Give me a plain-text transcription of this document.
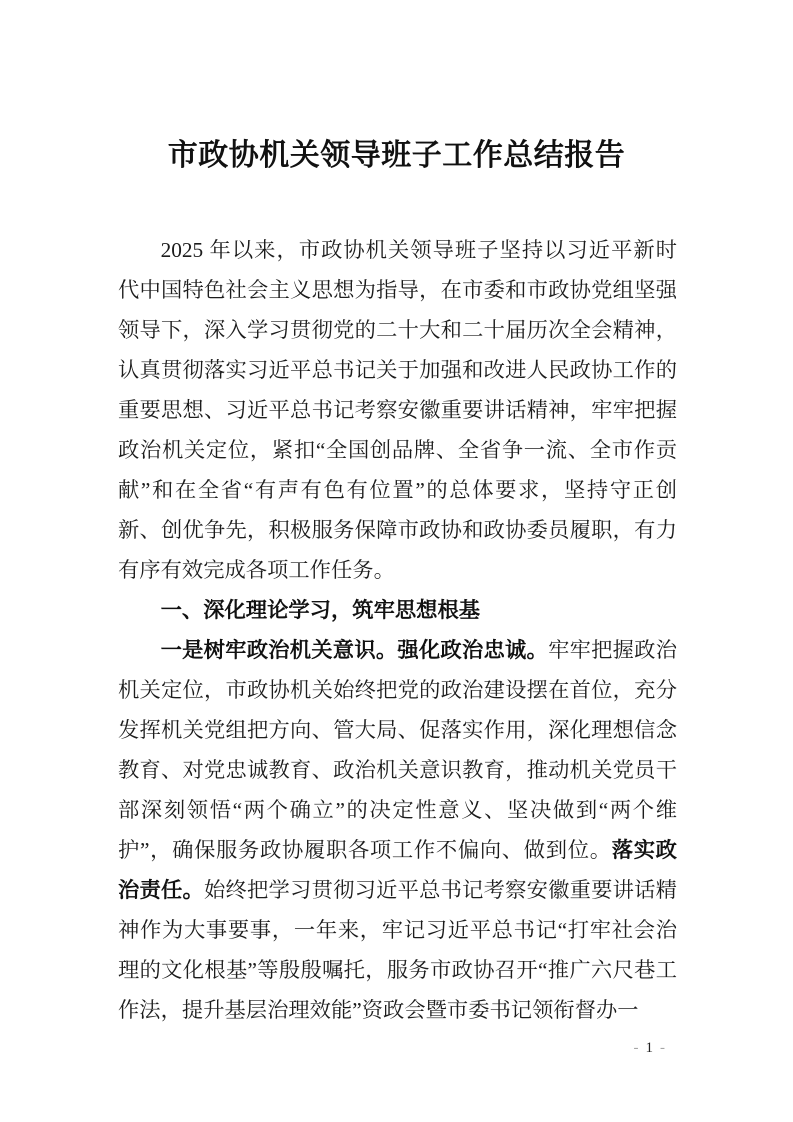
市政协机关领导班子工作总结报告

2025 年以来，市政协机关领导班子坚持以习近平新时代中国特色社会主义思想为指导，在市委和市政协党组坚强领导下，深入学习贯彻党的二十大和二十届历次全会精神，认真贯彻落实习近平总书记关于加强和改进人民政协工作的重要思想、习近平总书记考察安徽重要讲话精神，牢牢把握政治机关定位，紧扣“全国创品牌、全省争一流、全市作贡献”和在全省“有声有色有位置”的总体要求，坚持守正创新、创优争先，积极服务保障市政协和政协委员履职，有力有序有效完成各项工作任务。

一、深化理论学习，筑牢思想根基

一是树牢政治机关意识。强化政治忠诚。牢牢把握政治机关定位，市政协机关始终把党的政治建设摆在首位，充分发挥机关党组把方向、管大局、促落实作用，深化理想信念教育、对党忠诚教育、政治机关意识教育，推动机关党员干部深刻领悟“两个确立”的决定性意义、坚决做到“两个维护”，确保服务政协履职各项工作不偏向、做到位。落实政治责任。始终把学习贯彻习近平总书记考察安徽重要讲话精神作为大事要事，一年来，牢记习近平总书记“打牢社会治理的文化根基”等殷殷嘱托，服务市政协召开“推广六尺巷工作法，提升基层治理效能”资政会暨市委书记领衔督办一

- 1 -
